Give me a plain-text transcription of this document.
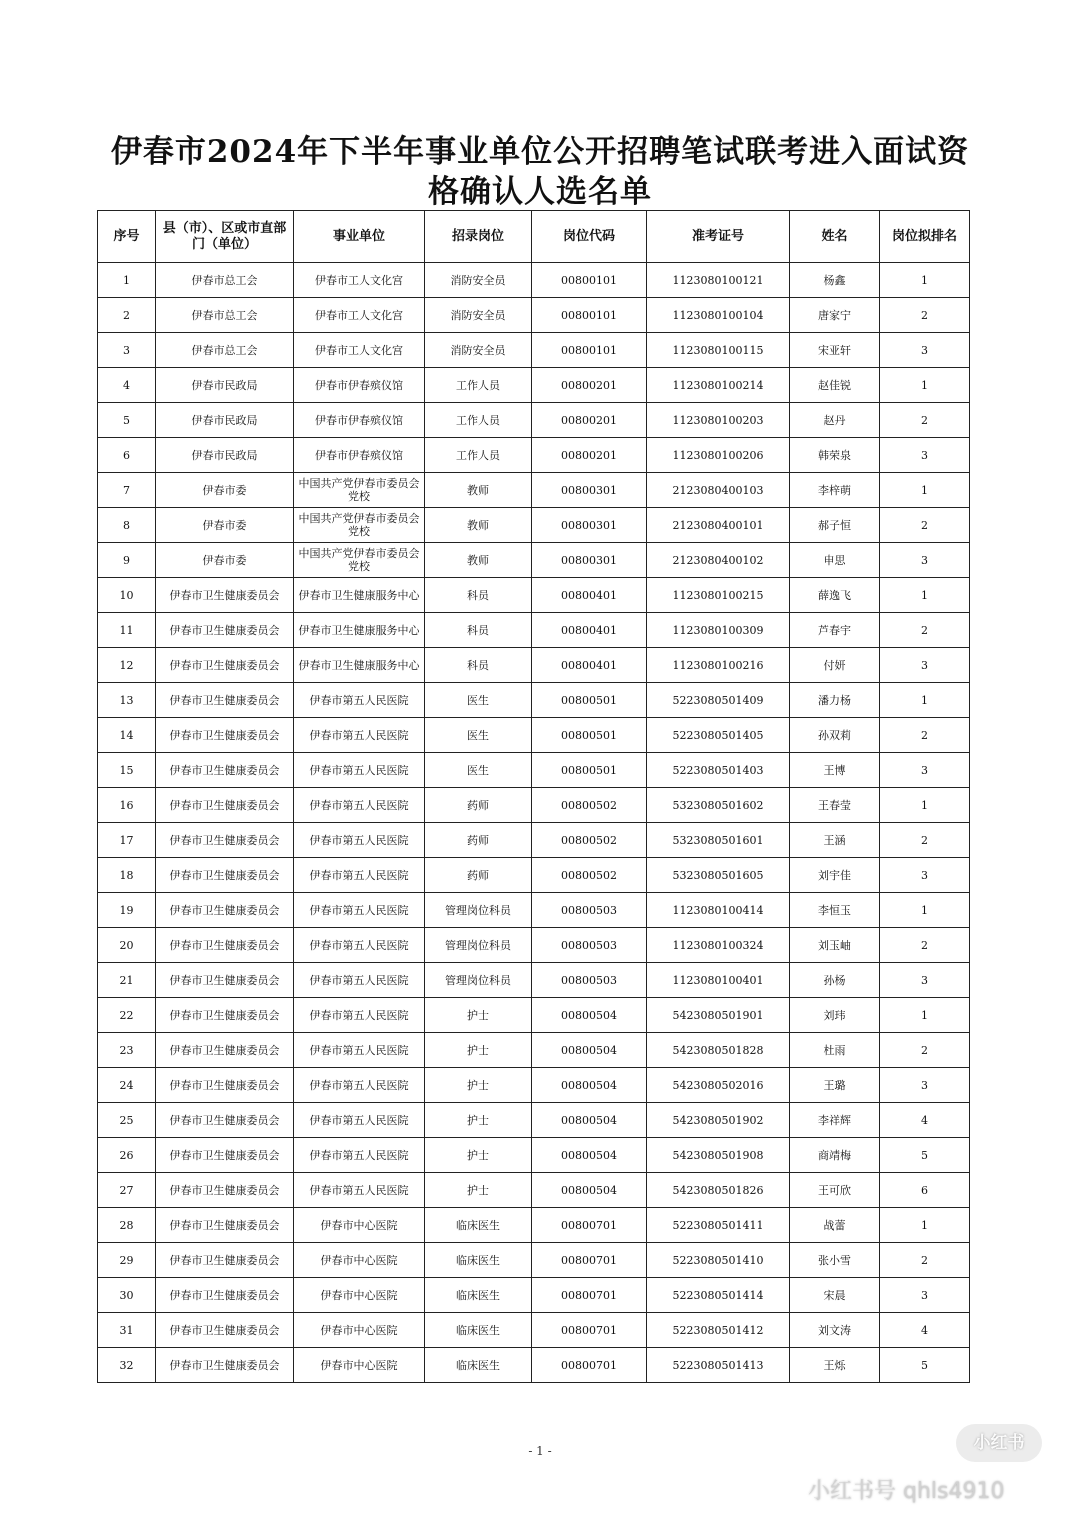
伊春市2024年下半年事业单位公开招聘笔试联考进入面试资
格确认人选名单
序号	县（市）、区或市直部门（单位）	事业单位	招录岗位	岗位代码	准考证号	姓名	岗位拟排名
1	伊春市总工会	伊春市工人文化宫	消防安全员	00800101	1123080100121	杨鑫	1
2	伊春市总工会	伊春市工人文化宫	消防安全员	00800101	1123080100104	唐家宁	2
3	伊春市总工会	伊春市工人文化宫	消防安全员	00800101	1123080100115	宋亚轩	3
4	伊春市民政局	伊春市伊春殡仪馆	工作人员	00800201	1123080100214	赵佳锐	1
5	伊春市民政局	伊春市伊春殡仪馆	工作人员	00800201	1123080100203	赵丹	2
6	伊春市民政局	伊春市伊春殡仪馆	工作人员	00800201	1123080100206	韩荣泉	3
7	伊春市委	中国共产党伊春市委员会党校	教师	00800301	2123080400103	李梓萌	1
8	伊春市委	中国共产党伊春市委员会党校	教师	00800301	2123080400101	郝子恒	2
9	伊春市委	中国共产党伊春市委员会党校	教师	00800301	2123080400102	申思	3
10	伊春市卫生健康委员会	伊春市卫生健康服务中心	科员	00800401	1123080100215	薛逸飞	1
11	伊春市卫生健康委员会	伊春市卫生健康服务中心	科员	00800401	1123080100309	芦春宇	2
12	伊春市卫生健康委员会	伊春市卫生健康服务中心	科员	00800401	1123080100216	付妍	3
13	伊春市卫生健康委员会	伊春市第五人民医院	医生	00800501	5223080501409	潘力杨	1
14	伊春市卫生健康委员会	伊春市第五人民医院	医生	00800501	5223080501405	孙双莉	2
15	伊春市卫生健康委员会	伊春市第五人民医院	医生	00800501	5223080501403	王博	3
16	伊春市卫生健康委员会	伊春市第五人民医院	药师	00800502	5323080501602	王春莹	1
17	伊春市卫生健康委员会	伊春市第五人民医院	药师	00800502	5323080501601	王涵	2
18	伊春市卫生健康委员会	伊春市第五人民医院	药师	00800502	5323080501605	刘宇佳	3
19	伊春市卫生健康委员会	伊春市第五人民医院	管理岗位科员	00800503	1123080100414	李恒玉	1
20	伊春市卫生健康委员会	伊春市第五人民医院	管理岗位科员	00800503	1123080100324	刘玉岫	2
21	伊春市卫生健康委员会	伊春市第五人民医院	管理岗位科员	00800503	1123080100401	孙杨	3
22	伊春市卫生健康委员会	伊春市第五人民医院	护士	00800504	5423080501901	刘玮	1
23	伊春市卫生健康委员会	伊春市第五人民医院	护士	00800504	5423080501828	杜雨	2
24	伊春市卫生健康委员会	伊春市第五人民医院	护士	00800504	5423080502016	王璐	3
25	伊春市卫生健康委员会	伊春市第五人民医院	护士	00800504	5423080501902	李祥辉	4
26	伊春市卫生健康委员会	伊春市第五人民医院	护士	00800504	5423080501908	商靖梅	5
27	伊春市卫生健康委员会	伊春市第五人民医院	护士	00800504	5423080501826	王可欣	6
28	伊春市卫生健康委员会	伊春市中心医院	临床医生	00800701	5223080501411	战蕾	1
29	伊春市卫生健康委员会	伊春市中心医院	临床医生	00800701	5223080501410	张小雪	2
30	伊春市卫生健康委员会	伊春市中心医院	临床医生	00800701	5223080501414	宋晨	3
31	伊春市卫生健康委员会	伊春市中心医院	临床医生	00800701	5223080501412	刘文涛	4
32	伊春市卫生健康委员会	伊春市中心医院	临床医生	00800701	5223080501413	王烁	5
- 1 -	小红书
小红书号 qhls4910
